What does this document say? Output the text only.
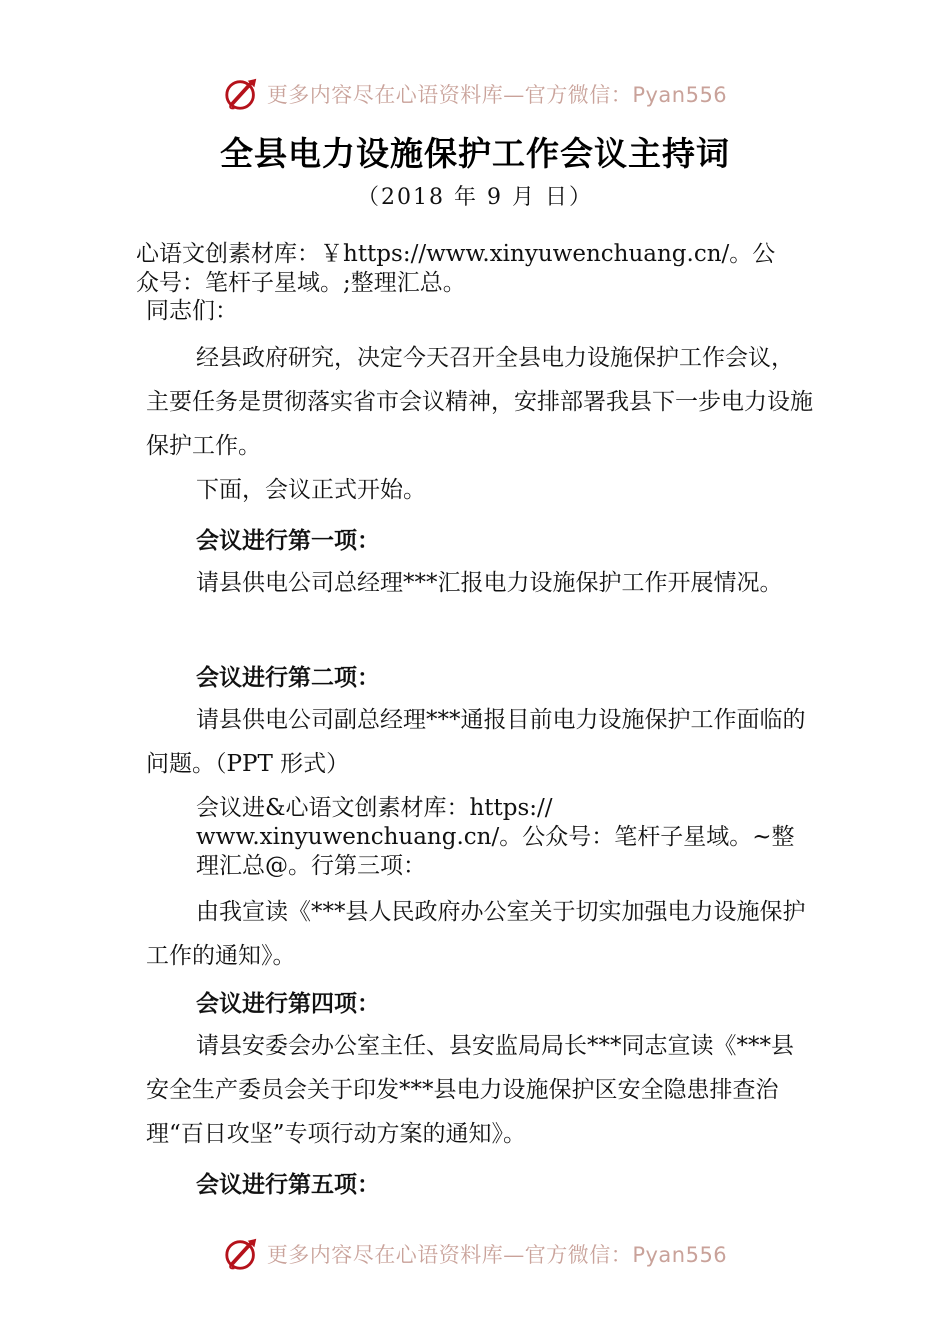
更多内容尽在心语资料库—官方微信：Pyan556
全县电力设施保护工作会议主持词
（2018 年 9 月 日）
心语文创素材库：￥https://www.xinyuwenchuang.cn/。公
众号：笔杆子星域。;整理汇总。
同志们：
经县政府研究，决定今天召开全县电力设施保护工作会议，主要任务是贯彻落实省市会议精神，安排部署我县下一步电力设施保护工作。
下面，会议正式开始。
会议进行第一项：
请县供电公司总经理***汇报电力设施保护工作开展情况。
会议进行第二项：
请县供电公司副总经理***通报目前电力设施保护工作面临的问题。（PPT 形式）
会议进&心语文创素材库：https://
www.xinyuwenchuang.cn/。公众号：笔杆子星域。~整
理汇总@。行第三项：
由我宣读《***县人民政府办公室关于切实加强电力设施保护工作的通知》。
会议进行第四项：
请县安委会办公室主任、县安监局局长***同志宣读《***县安全生产委员会关于印发***县电力设施保护区安全隐患排查治理“百日攻坚”专项行动方案的通知》。
会议进行第五项：
更多内容尽在心语资料库—官方微信：Pyan556
